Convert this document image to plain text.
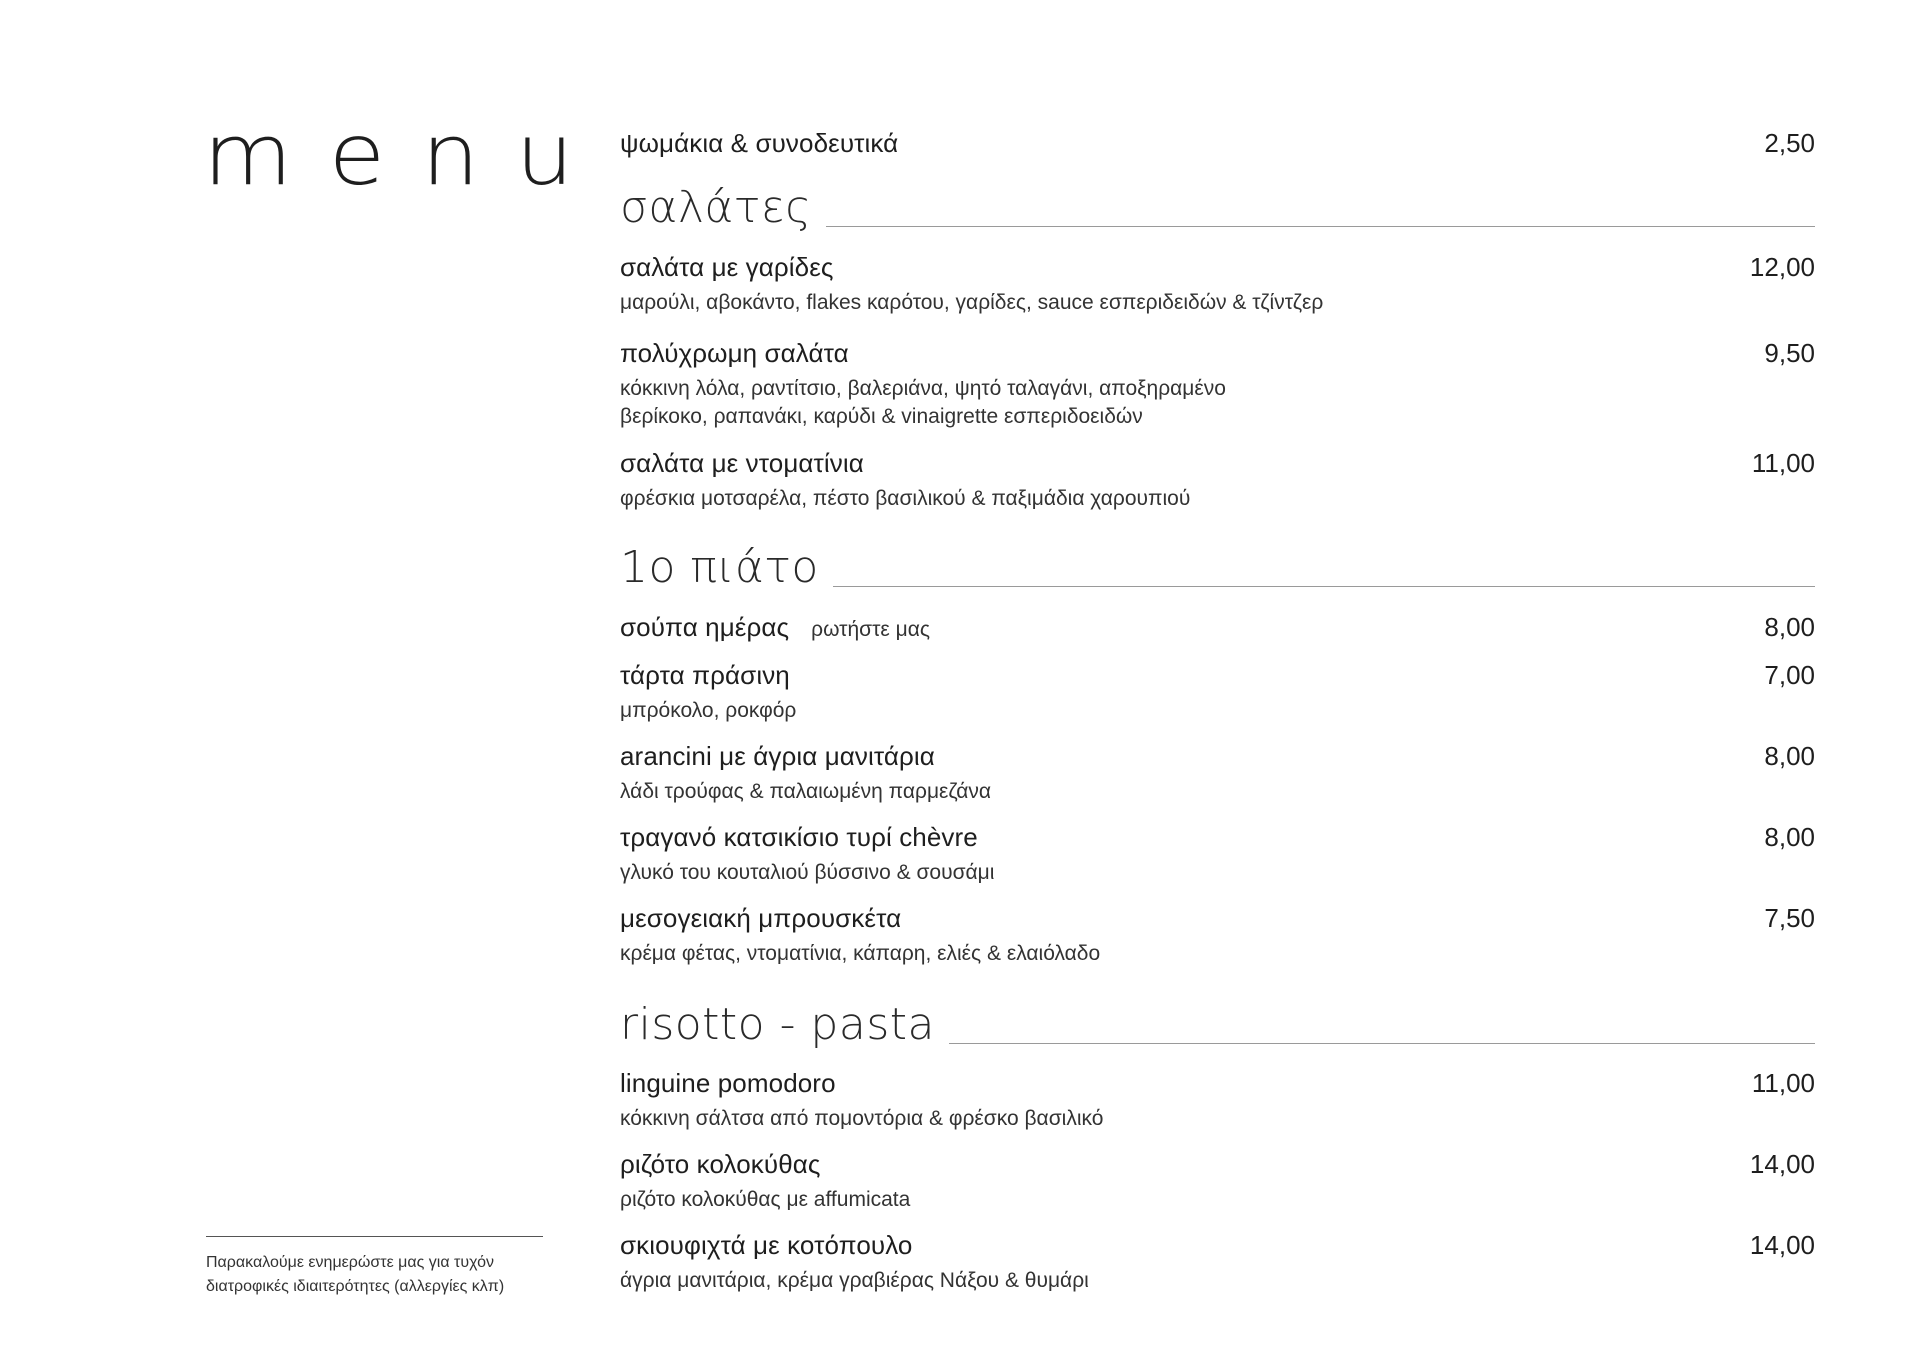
menu
Παρακαλούμε ενημερώστε μας για τυχόν
διατροφικές ιδιαιτερότητες (αλλεργίες κλπ)
ψωμάκια & συνοδευτικά	2,50
σαλάτες
σαλάτα με γαρίδες	12,00
μαρούλι, αβοκάντο, flakes καρότου, γαρίδες, sauce εσπεριδειδών & τζίντζερ
πολύχρωμη σαλάτα	9,50
κόκκινη λόλα, ραντίτσιο, βαλεριάνα, ψητό ταλαγάνι, αποξηραμένο
βερίκοκο, ραπανάκι, καρύδι & vinaigrette εσπεριδοειδών
σαλάτα με ντοματίνια	11,00
φρέσκια μοτσαρέλα, πέστο βασιλικού & παξιμάδια χαρουπιού
1ο πιάτο
σούπα ημέρας ρωτήστε μας	8,00
τάρτα πράσινη	7,00
μπρόκολο, ροκφόρ
arancini με άγρια μανιτάρια	8,00
λάδι τρούφας & παλαιωμένη παρμεζάνα
τραγανό κατσικίσιο τυρί chèvre	8,00
γλυκό του κουταλιού βύσσινο & σουσάμι
μεσογειακή μπρουσκέτα	7,50
κρέμα φέτας, ντοματίνια, κάπαρη, ελιές & ελαιόλαδο
risotto - pasta
linguine pomodoro	11,00
κόκκινη σάλτσα από πομοντόρια & φρέσκο βασιλικό
ριζότο κολοκύθας	14,00
ριζότο κολοκύθας με affumicata
σκιουφιχτά με κοτόπουλο	14,00
άγρια μανιτάρια, κρέμα γραβιέρας Νάξου & θυμάρι
